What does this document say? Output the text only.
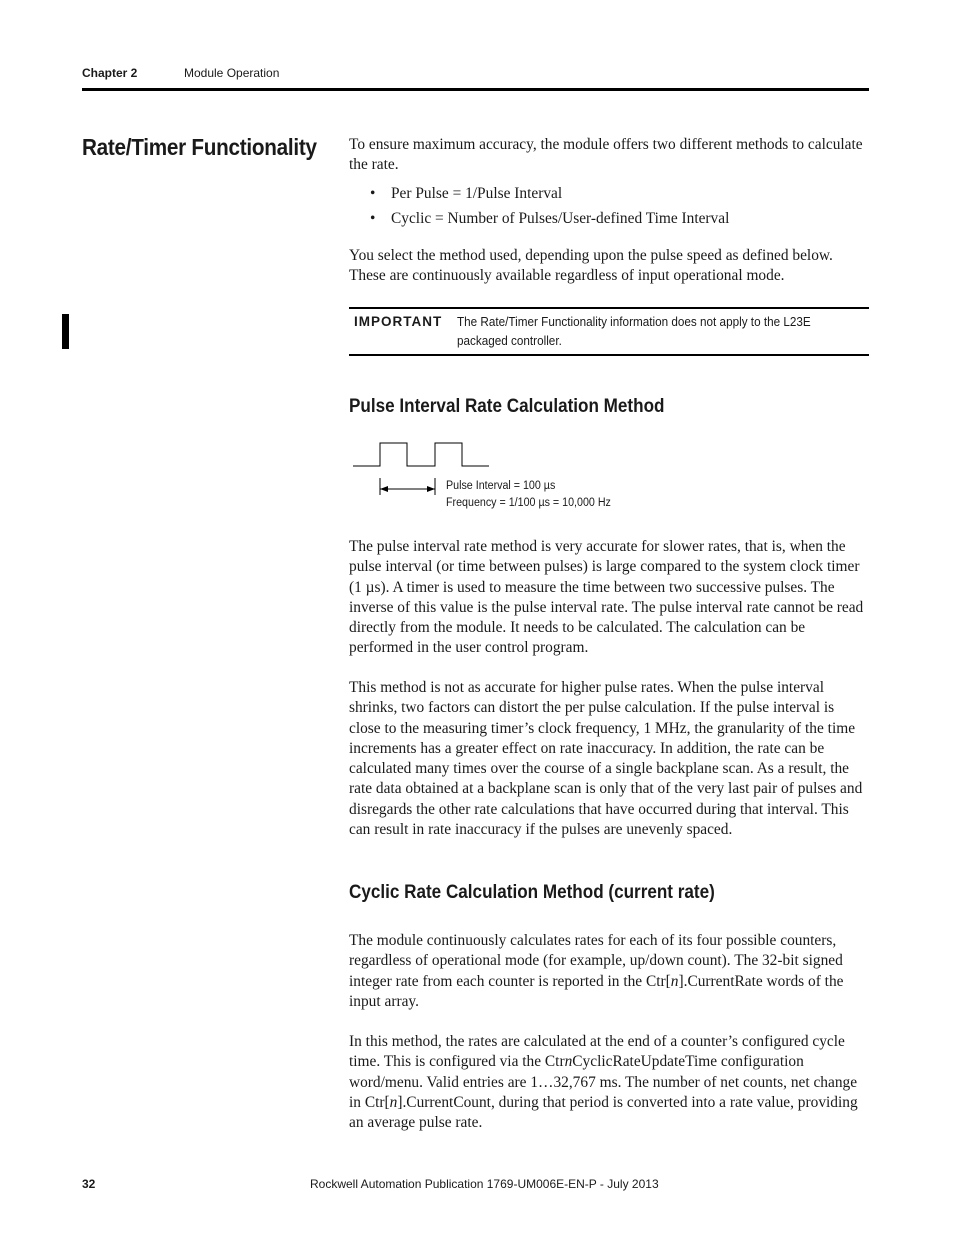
Chapter 2	Module Operation
Rate/Timer Functionality To ensure maximum accuracy, the module offers two different methods to calculate the rate.

• Per Pulse = 1/Pulse Interval
• Cyclic = Number of Pulses/User-defined Time Interval

You select the method used, depending upon the pulse speed as defined below. These are continuously available regardless of input operational mode.

IMPORTANT The Rate/Timer Functionality information does not apply to the L23E packaged controller.
Pulse Interval Rate Calculation Method
Pulse Interval = 100 µs
Frequency = 1/100 µs = 10,000 Hz

The pulse interval rate method is very accurate for slower rates, that is, when the pulse interval (or time between pulses) is large compared to the system clock timer (1 µs). A timer is used to measure the time between two successive pulses. The inverse of this value is the pulse interval rate. The pulse interval rate cannot be read directly from the module. It needs to be calculated. The calculation can be performed in the user control program.

This method is not as accurate for higher pulse rates. When the pulse interval shrinks, two factors can distort the per pulse calculation. If the pulse interval is close to the measuring timer’s clock frequency, 1 MHz, the granularity of the time increments has a greater effect on rate inaccuracy. In addition, the rate can be calculated many times over the course of a single backplane scan. As a result, the rate data obtained at a backplane scan is only that of the very last pair of pulses and disregards the other rate calculations that have occurred during that interval. This can result in rate inaccuracy if the pulses are unevenly spaced.

Cyclic Rate Calculation Method (current rate)

The module continuously calculates rates for each of its four possible counters, regardless of operational mode (for example, up/down count). The 32-bit signed integer rate from each counter is reported in the Ctr[n].CurrentRate words of the input array.

In this method, the rates are calculated at the end of a counter’s configured cycle time. This is configured via the CtrnCyclicRateUpdateTime configuration word/menu. Valid entries are 1…32,767 ms. The number of net counts, net change in Ctr[n].CurrentCount, during that period is converted into a rate value, providing an average pulse rate.

32	Rockwell Automation Publication 1769-UM006E-EN-P - July 2013
